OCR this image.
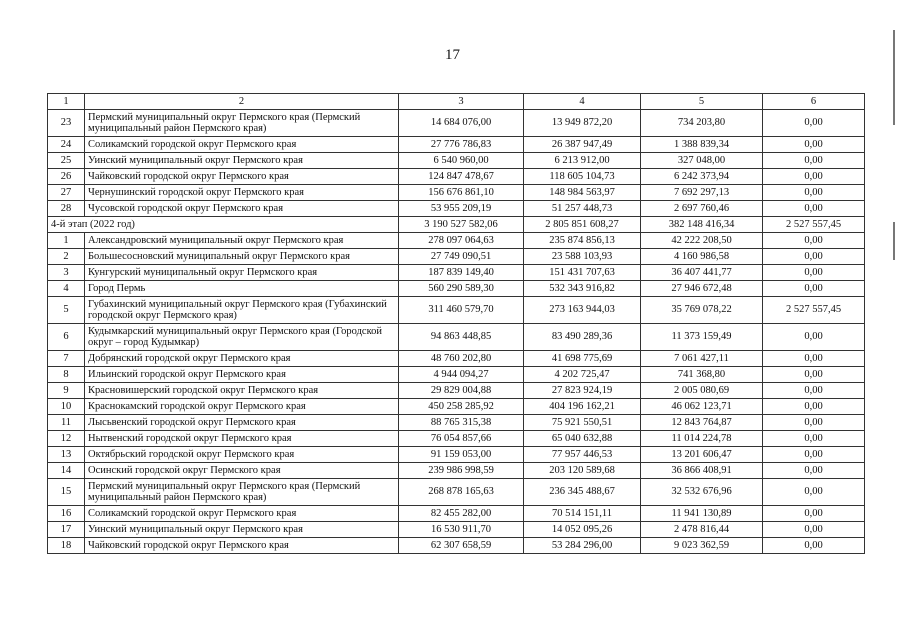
17
1	2	3	4	5	6
23	Пермский муниципальный округ Пермского края (Пермский муниципальный район Пермского края)	14 684 076,00	13 949 872,20	734 203,80	0,00
24	Соликамский городской округ Пермского края	27 776 786,83	26 387 947,49	1 388 839,34	0,00
25	Уинский муниципальный округ Пермского края	6 540 960,00	6 213 912,00	327 048,00	0,00
26	Чайковский городской округ Пермского края	124 847 478,67	118 605 104,73	6 242 373,94	0,00
27	Чернушинский городской округ Пермского края	156 676 861,10	148 984 563,97	7 692 297,13	0,00
28	Чусовской городской округ Пермского края	53 955 209,19	51 257 448,73	2 697 760,46	0,00
4-й этап (2022 год)		3 190 527 582,06	2 805 851 608,27	382 148 416,34	2 527 557,45
1	Александровский муниципальный округ Пермского края	278 097 064,63	235 874 856,13	42 222 208,50	0,00
2	Большесосновский муниципальный округ Пермского края	27 749 090,51	23 588 103,93	4 160 986,58	0,00
3	Кунгурский муниципальный округ Пермского края	187 839 149,40	151 431 707,63	36 407 441,77	0,00
4	Город Пермь	560 290 589,30	532 343 916,82	27 946 672,48	0,00
5	Губахинский муниципальный округ Пермского края (Губахинский городской округ Пермского края)	311 460 579,70	273 163 944,03	35 769 078,22	2 527 557,45
6	Кудымкарский муниципальный округ Пермского края (Городской округ – город Кудымкар)	94 863 448,85	83 490 289,36	11 373 159,49	0,00
7	Добрянский городской округ Пермского края	48 760 202,80	41 698 775,69	7 061 427,11	0,00
8	Ильинский городской округ Пермского края	4 944 094,27	4 202 725,47	741 368,80	0,00
9	Красновишерский городской округ Пермского края	29 829 004,88	27 823 924,19	2 005 080,69	0,00
10	Краснокамский городской округ Пермского края	450 258 285,92	404 196 162,21	46 062 123,71	0,00
11	Лысьвенский городской округ Пермского края	88 765 315,38	75 921 550,51	12 843 764,87	0,00
12	Нытвенский городской округ Пермского края	76 054 857,66	65 040 632,88	11 014 224,78	0,00
13	Октябрьский городской округ Пермского края	91 159 053,00	77 957 446,53	13 201 606,47	0,00
14	Осинский городской округ Пермского края	239 986 998,59	203 120 589,68	36 866 408,91	0,00
15	Пермский муниципальный округ Пермского края (Пермский муниципальный район Пермского края)	268 878 165,63	236 345 488,67	32 532 676,96	0,00
16	Соликамский городской округ Пермского края	82 455 282,00	70 514 151,11	11 941 130,89	0,00
17	Уинский муниципальный округ Пермского края	16 530 911,70	14 052 095,26	2 478 816,44	0,00
18	Чайковский городской округ Пермского края	62 307 658,59	53 284 296,00	9 023 362,59	0,00
